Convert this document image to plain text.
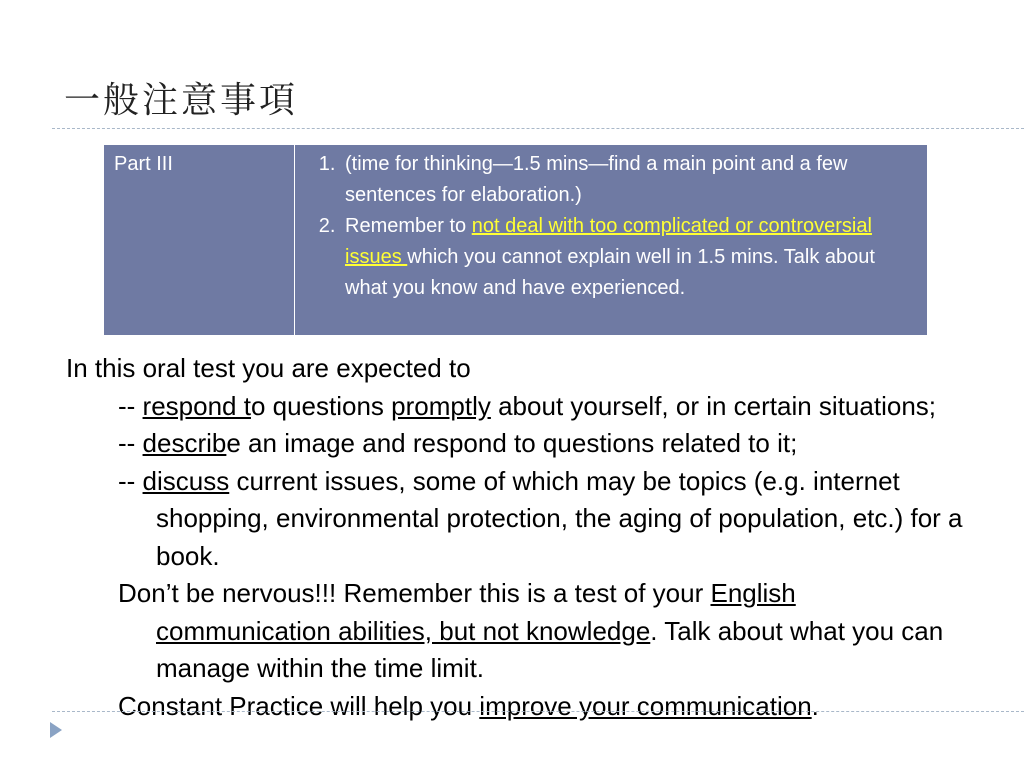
一般注意事項
Part III	
1.(time for thinking—1.5 mins—find a main point and a few sentences for elaboration.)
2. Remember to not deal with too complicated or controversial issues which you cannot explain well in 1.5 mins. Talk about what you know and have experienced.

In this oral test you are expected to

-- respond to questions promptly about yourself, or in certain situations;

-- describe an image and respond to questions related to it;

-- discuss current issues, some of which may be topics (e.g. internet shopping, environmental protection, the aging of population, etc.) for a book.

Don’t be nervous!!! Remember this is a test of your English communication abilities, but not knowledge. Talk about what you can manage within the time limit.

Constant Practice will help you improve your communication.
